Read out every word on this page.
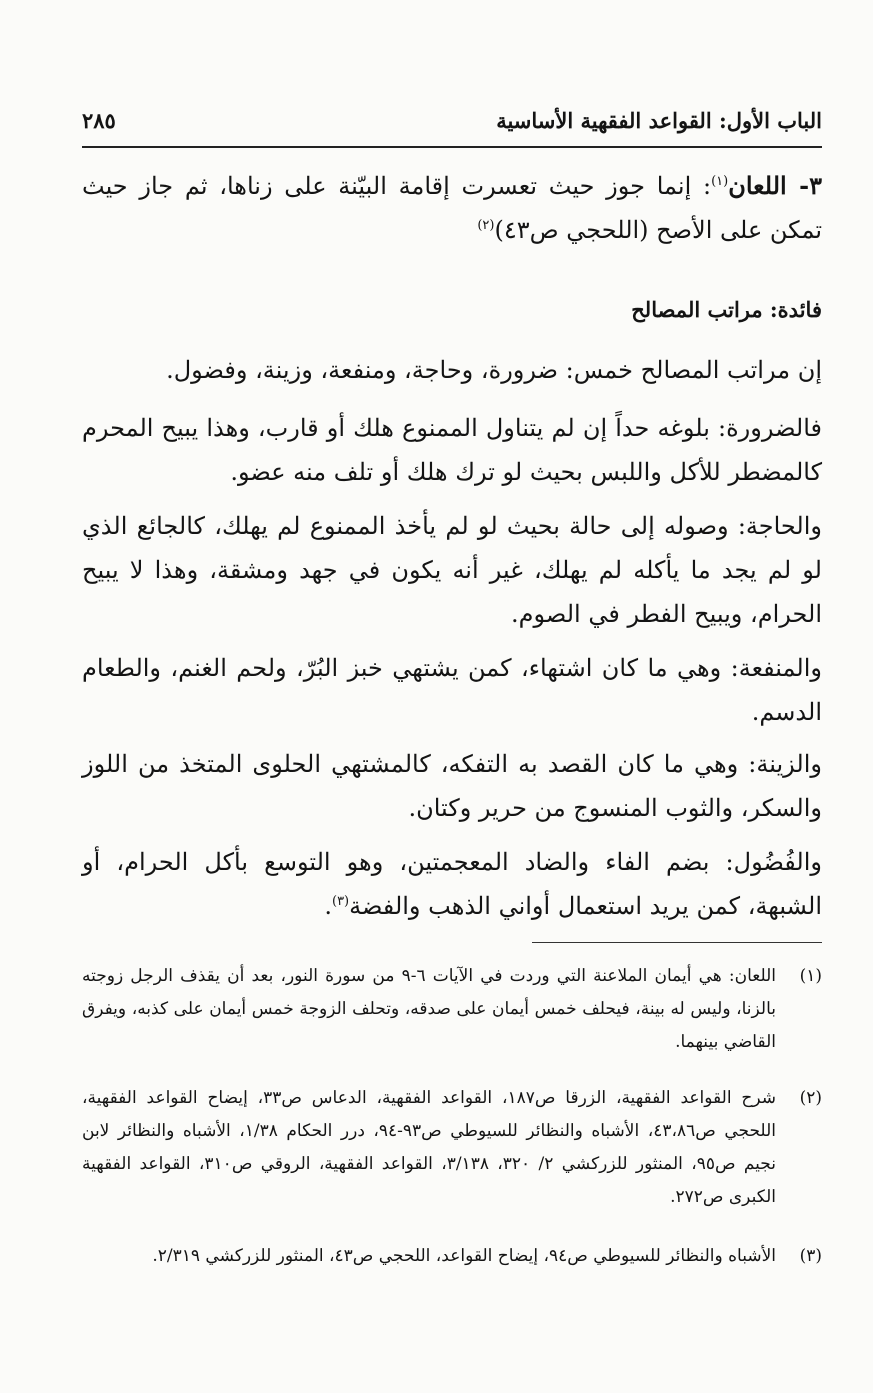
الباب الأول: القواعد الفقهية الأساسية
٢٨٥
٣- اللعان$^{(١)}$: إنما جوز حيث تعسرت إقامة البيّنة على زناها، ثم جاز حيث تمكن على الأصح (اللحجي ص٤٣)$^{(٢)}$
فائدة: مراتب المصالح
إن مراتب المصالح خمس: ضرورة، وحاجة، ومنفعة، وزينة، وفضول.
فالضرورة: بلوغه حداً إن لم يتناول الممنوع هلك أو قارب، وهذا يبيح المحرم كالمضطر للأكل واللبس بحيث لو ترك هلك أو تلف منه عضو.
والحاجة: وصوله إلى حالة بحيث لو لم يأخذ الممنوع لم يهلك، كالجائع الذي لو لم يجد ما يأكله لم يهلك، غير أنه يكون في جهد ومشقة، وهذا لا يبيح الحرام، ويبيح الفطر في الصوم.
والمنفعة: وهي ما كان اشتهاء، كمن يشتهي خبز البُرّ، ولحم الغنم، والطعام الدسم.
والزينة: وهي ما كان القصد به التفكه، كالمشتهي الحلوى المتخذ من اللوز والسكر، والثوب المنسوج من حرير وكتان.
والفُضُول: بضم الفاء والضاد المعجمتين، وهو التوسع بأكل الحرام، أو الشبهة، كمن يريد استعمال أواني الذهب والفضة$^{(٣)}$.
(١)
اللعان: هي أيمان الملاعنة التي وردت في الآيات ٦-٩ من سورة النور، بعد أن يقذف الرجل زوجته بالزنا، وليس له بينة، فيحلف خمس أيمان على صدقه، وتحلف الزوجة خمس أيمان على كذبه، ويفرق القاضي بينهما.
(٢)
شرح القواعد الفقهية، الزرقا ص١٨٧، القواعد الفقهية، الدعاس ص٣٣، إيضاح القواعد الفقهية، اللحجي ص٤٣،٨٦، الأشباه والنظائر للسيوطي ص٩٣-٩٤، درر الحكام ١/٣٨، الأشباه والنظائر لابن نجيم ص٩٥، المنثور للزركشي ٢/ ٣٢٠، ٣/١٣٨، القواعد الفقهية، الروقي ص٣١٠، القواعد الفقهية الكبرى ص٢٧٢.
(٣)
الأشباه والنظائر للسيوطي ص٩٤، إيضاح القواعد، اللحجي ص٤٣، المنثور للزركشي ٢/٣١٩.
